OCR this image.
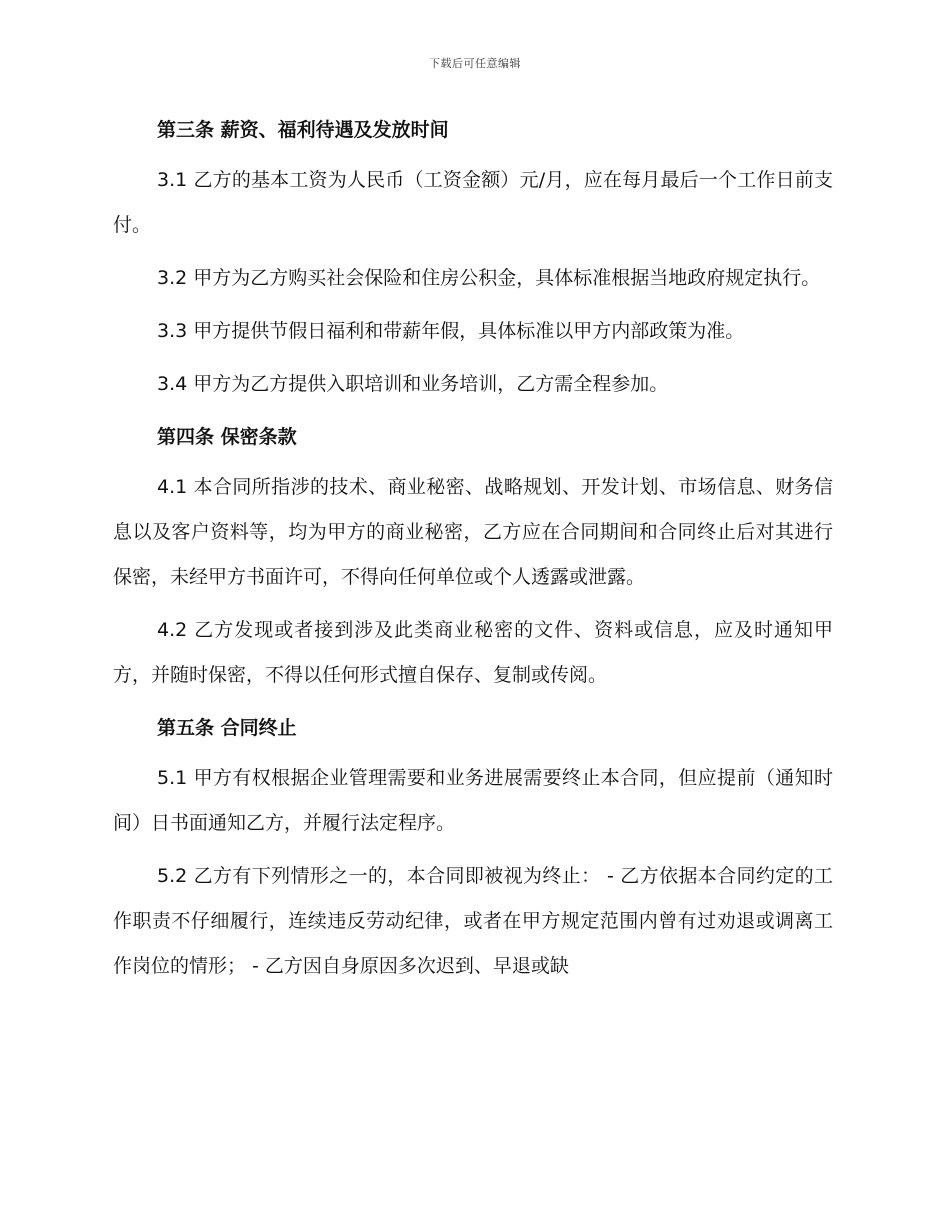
下载后可任意编辑
第三条 薪资、福利待遇及发放时间

3.1 乙方的基本工资为人民币（工资金额）元/月，应在每月最后一个工作日前支付。

3.2 甲方为乙方购买社会保险和住房公积金，具体标准根据当地政府规定执行。

3.3 甲方提供节假日福利和带薪年假，具体标准以甲方内部政策为准。

3.4 甲方为乙方提供入职培训和业务培训，乙方需全程参加。

第四条 保密条款

4.1 本合同所指涉的技术、商业秘密、战略规划、开发计划、市场信息、财务信息以及客户资料等，均为甲方的商业秘密，乙方应在合同期间和合同终止后对其进行保密，未经甲方书面许可，不得向任何单位或个人透露或泄露。

4.2 乙方发现或者接到涉及此类商业秘密的文件、资料或信息，应及时通知甲方，并随时保密，不得以任何形式擅自保存、复制或传阅。

第五条 合同终止

5.1 甲方有权根据企业管理需要和业务进展需要终止本合同，但应提前（通知时间）日书面通知乙方，并履行法定程序。

5.2 乙方有下列情形之一的，本合同即被视为终止： - 乙方依据本合同约定的工作职责不仔细履行，连续违反劳动纪律，或者在甲方规定范围内曾有过劝退或调离工作岗位的情形； - 乙方因自身原因多次迟到、早退或缺
